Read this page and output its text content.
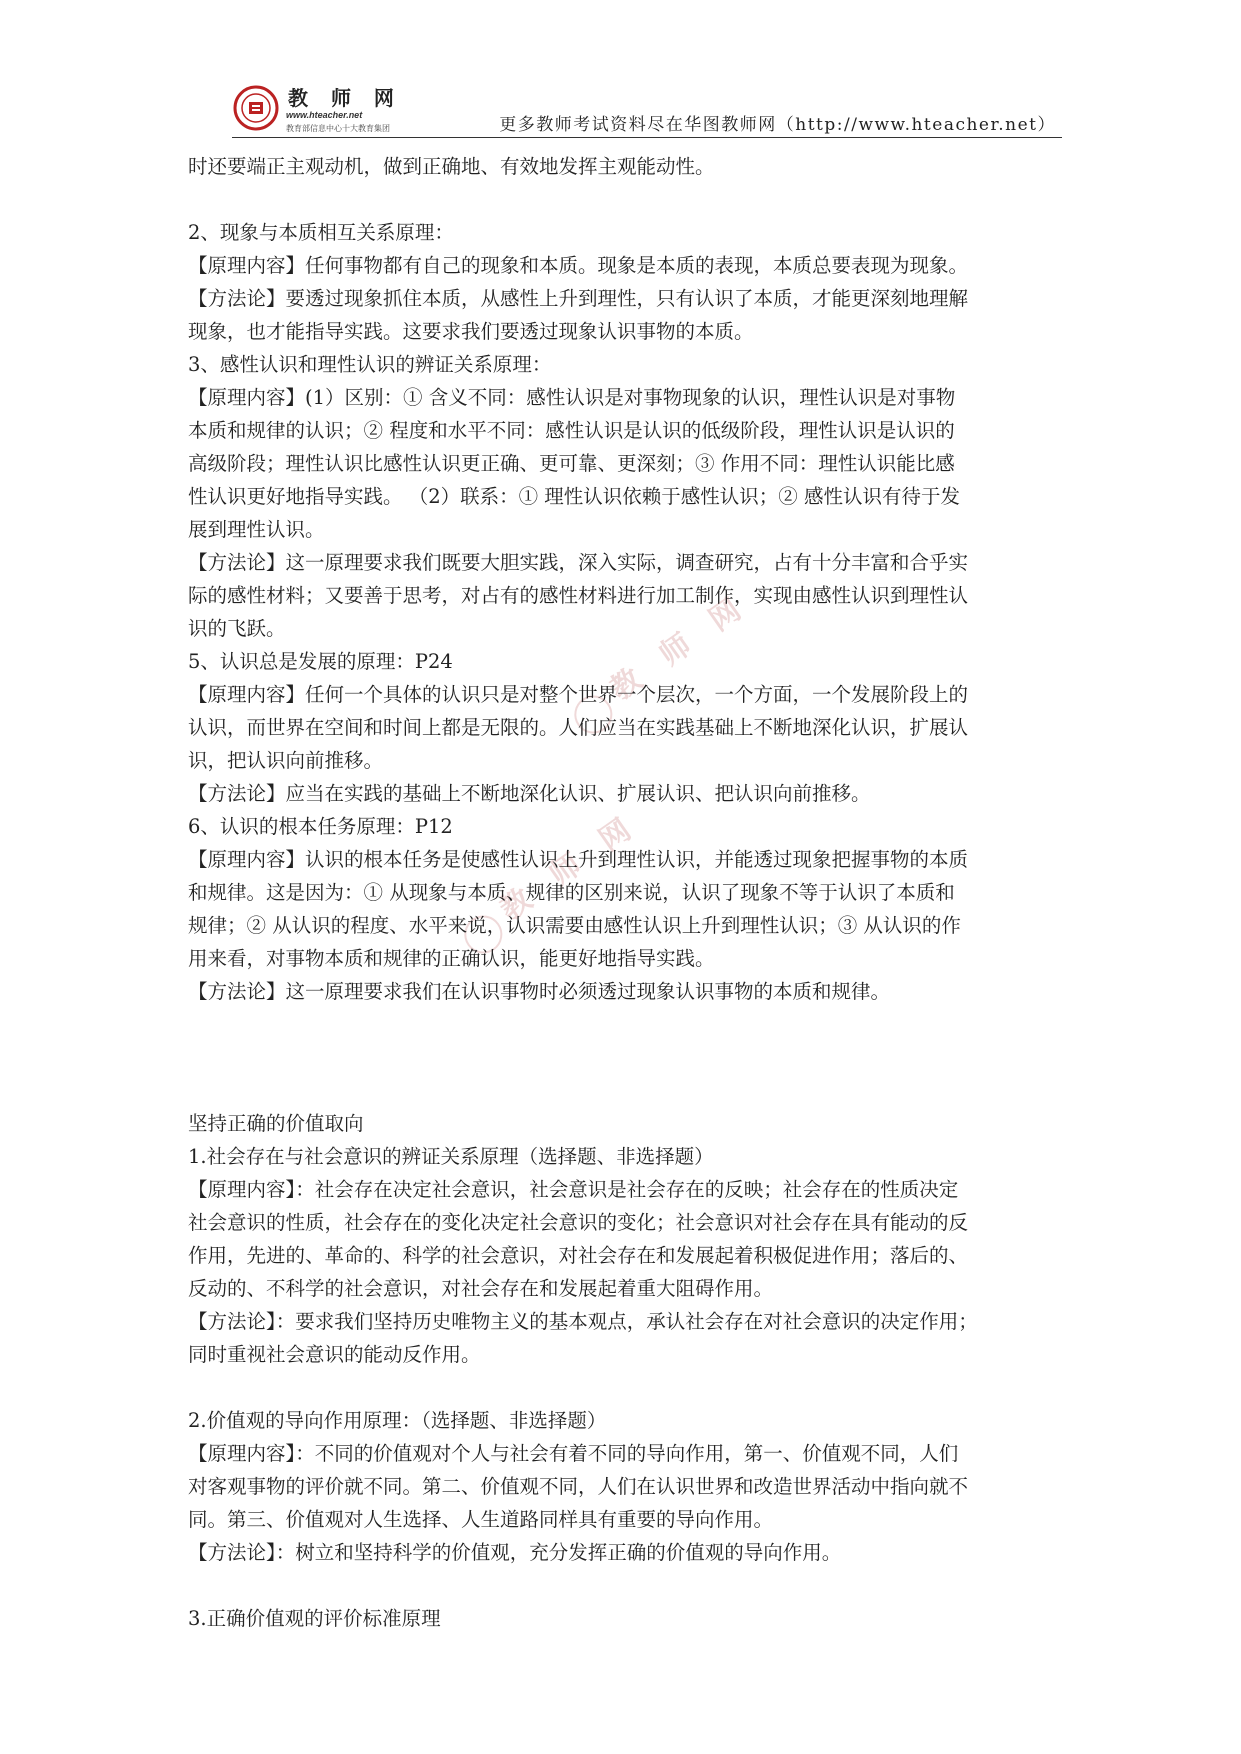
教 师 网
www.hteacher.net
教育部信息中心十大教育集团	更多教师考试资料尽在华图教师网（http://www.hteacher.net）
教 师 网
教 师 网

时还要端正主观动机，做到正确地、有效地发挥主观能动性。

2、现象与本质相互关系原理：

【原理内容】任何事物都有自己的现象和本质。现象是本质的表现，本质总要表现为现象。

【方法论】要透过现象抓住本质，从感性上升到理性，只有认识了本质，才能更深刻地理解

现象，也才能指导实践。这要求我们要透过现象认识事物的本质。

3、感性认识和理性认识的辨证关系原理：

【原理内容】(1）区别：① 含义不同：感性认识是对事物现象的认识，理性认识是对事物

本质和规律的认识；② 程度和水平不同：感性认识是认识的低级阶段，理性认识是认识的

高级阶段；理性认识比感性认识更正确、更可靠、更深刻；③ 作用不同：理性认识能比感

性认识更好地指导实践。 （2）联系：① 理性认识依赖于感性认识；② 感性认识有待于发

展到理性认识。

【方法论】这一原理要求我们既要大胆实践，深入实际，调查研究，占有十分丰富和合乎实

际的感性材料；又要善于思考，对占有的感性材料进行加工制作，实现由感性认识到理性认

识的飞跃。

5、认识总是发展的原理：P24

【原理内容】任何一个具体的认识只是对整个世界一个层次，一个方面，一个发展阶段上的

认识，而世界在空间和时间上都是无限的。人们应当在实践基础上不断地深化认识，扩展认

识，把认识向前推移。

【方法论】应当在实践的基础上不断地深化认识、扩展认识、把认识向前推移。

6、认识的根本任务原理：P12

【原理内容】认识的根本任务是使感性认识上升到理性认识，并能透过现象把握事物的本质

和规律。这是因为：① 从现象与本质、规律的区别来说，认识了现象不等于认识了本质和

规律；② 从认识的程度、水平来说，认识需要由感性认识上升到理性认识；③ 从认识的作

用来看，对事物本质和规律的正确认识，能更好地指导实践。

【方法论】这一原理要求我们在认识事物时必须透过现象认识事物的本质和规律。

坚持正确的价值取向

1.社会存在与社会意识的辨证关系原理（选择题、非选择题）

【原理内容】：社会存在决定社会意识，社会意识是社会存在的反映；社会存在的性质决定

社会意识的性质，社会存在的变化决定社会意识的变化；社会意识对社会存在具有能动的反

作用，先进的、革命的、科学的社会意识，对社会存在和发展起着积极促进作用；落后的、

反动的、不科学的社会意识，对社会存在和发展起着重大阻碍作用。

【方法论】：要求我们坚持历史唯物主义的基本观点，承认社会存在对社会意识的决定作用；

同时重视社会意识的能动反作用。

2.价值观的导向作用原理：（选择题、非选择题）

【原理内容】：不同的价值观对个人与社会有着不同的导向作用，第一、价值观不同，人们

对客观事物的评价就不同。第二、价值观不同，人们在认识世界和改造世界活动中指向就不

同。第三、价值观对人生选择、人生道路同样具有重要的导向作用。

【方法论】：树立和坚持科学的价值观，充分发挥正确的价值观的导向作用。

3.正确价值观的评价标准原理
